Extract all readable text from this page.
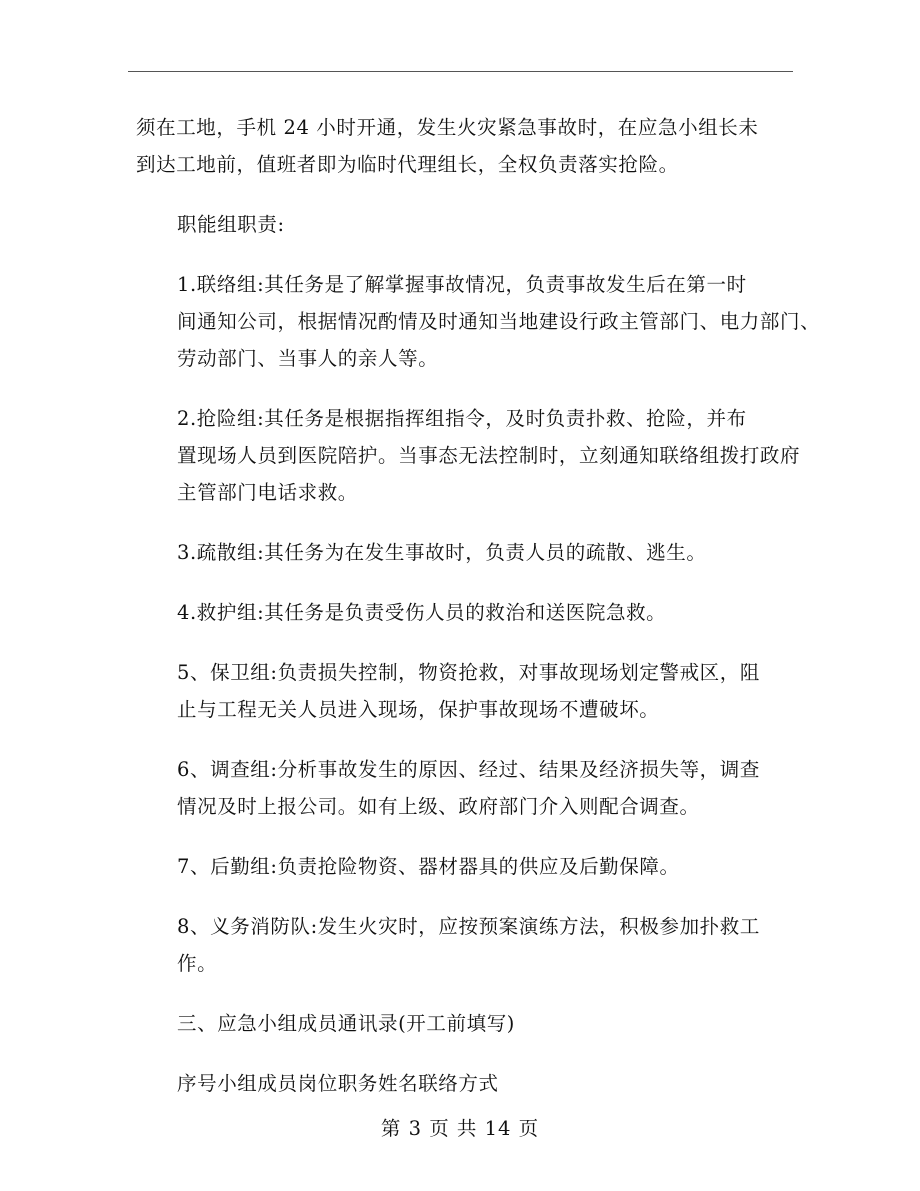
须在工地，手机 24 小时开通，发生火灾紧急事故时，在应急小组长未
到达工地前，值班者即为临时代理组长，全权负责落实抢险。

职能组职责:

1.联络组:其任务是了解掌握事故情况，负责事故发生后在第一时
间通知公司，根据情况酌情及时通知当地建设行政主管部门、电力部门、
劳动部门、当事人的亲人等。

2.抢险组:其任务是根据指挥组指令，及时负责扑救、抢险，并布
置现场人员到医院陪护。当事态无法控制时，立刻通知联络组拨打政府
主管部门电话求救。

3.疏散组:其任务为在发生事故时，负责人员的疏散、逃生。

4.救护组:其任务是负责受伤人员的救治和送医院急救。

5、保卫组:负责损失控制，物资抢救，对事故现场划定警戒区，阻
止与工程无关人员进入现场，保护事故现场不遭破坏。

6、调查组:分析事故发生的原因、经过、结果及经济损失等，调查
情况及时上报公司。如有上级、政府部门介入则配合调查。

7、后勤组:负责抢险物资、器材器具的供应及后勤保障。

8、义务消防队:发生火灾时，应按预案演练方法，积极参加扑救工
作。

三、应急小组成员通讯录(开工前填写)

序号小组成员岗位职务姓名联络方式

第 3 页 共 14 页
